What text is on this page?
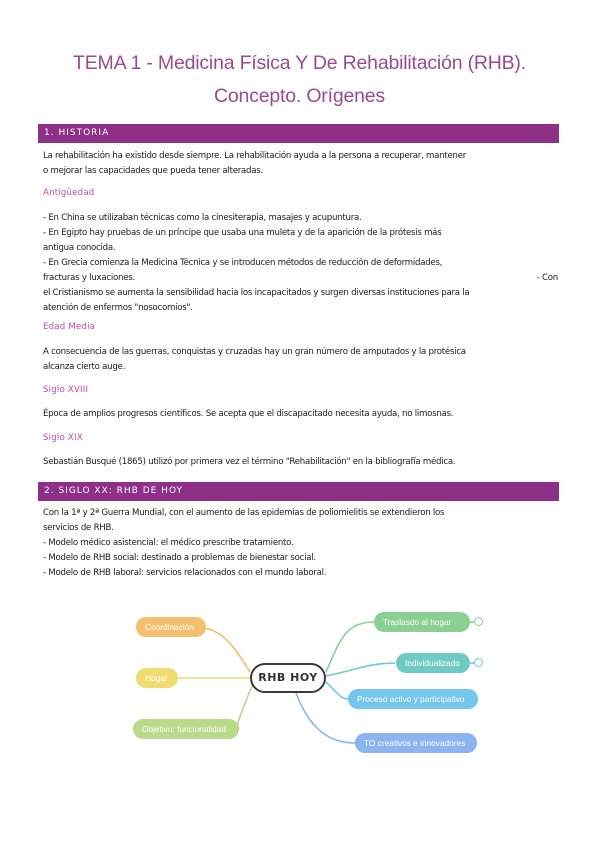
TEMA 1 - Medicina Física Y De Rehabilitación (RHB).
Concepto. Orígenes
1. HISTORIA
La rehabilitación ha existido desde siempre. La rehabilitación ayuda a la persona a recuperar, mantener
o mejorar las capacidades que pueda tener alteradas.
Antigüedad
- En China se utilizaban técnicas como la cinesiterapia, masajes y acupuntura.
- En Egipto hay pruebas de un príncipe que usaba una muleta y de la aparición de la prótesis más
antigua conocida.
- En Grecia comienza la Medicina Técnica y se introducen métodos de reducción de deformidades,
fracturas y luxaciones.	- Con
el Cristianismo se aumenta la sensibilidad hacia los incapacitados y surgen diversas instituciones para la
atención de enfermos "nosocomios".
Edad Media
A consecuencia de las guerras, conquistas y cruzadas hay un gran número de amputados y la protésica
alcanza cierto auge.
Siglo XVIII
Época de amplios progresos científicos. Se acepta que el discapacitado necesita ayuda, no limosnas.
Siglo XIX
Sebastián Busqué (1865) utilizó por primera vez el término "Rehabilitación" en la bibliografía médica.
2. SIGLO XX: RHB DE HOY
Con la 1ª y 2ª Guerra Mundial, con el aumento de las epidemias de poliomielitis se extendieron los
servicios de RHB.
- Modelo médico asistencial: el médico prescribe tratamiento.
- Modelo de RHB social: destinado a problemas de bienestar social.
- Modelo de RHB laboral: servicios relacionados con el mundo laboral.
Coordinación
Hogar
Objetivo: funcionalidad
RHB HOY
Traslasdo al hogar
Individualizado
Proceso activo y participativo
TO creativos e innovadores
